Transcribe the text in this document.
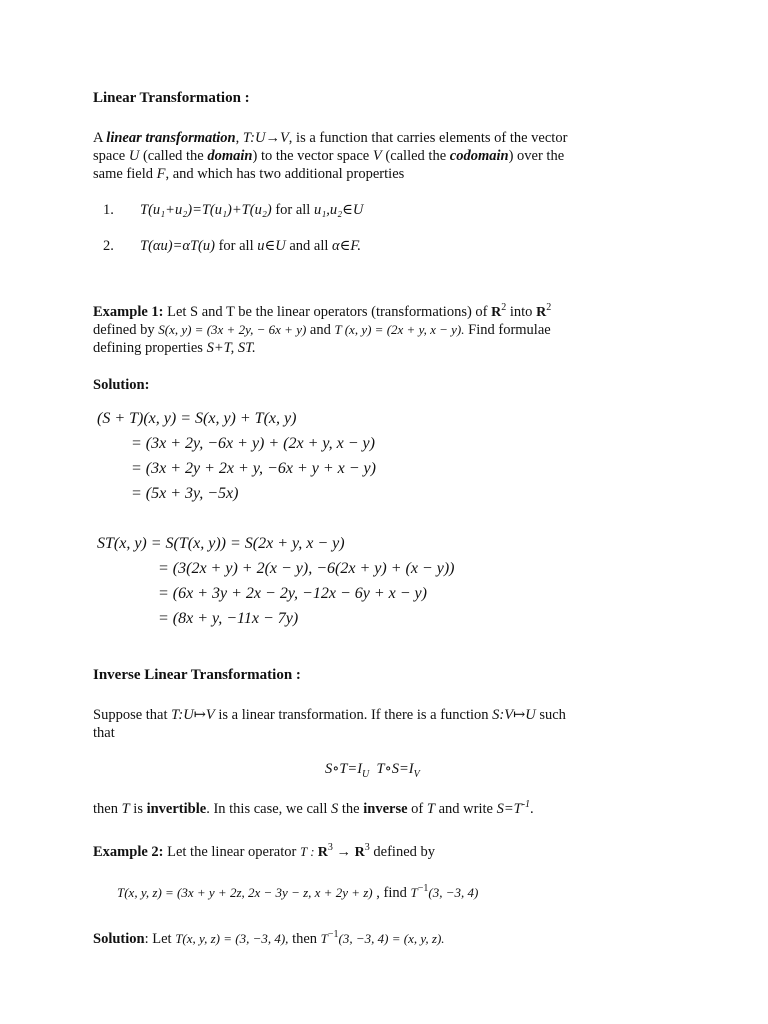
Linear Transformation :
A linear transformation, T:U→V, is a function that carries elements of the vector
space U (called the domain) to the vector space V (called the codomain) over the
same field F, and which has two additional properties
1. T(u₁+u₂)=T(u₁)+T(u₂) for all u₁,u₂∈U
2. T(αu)=αT(u) for all u∈U and all α∈F.
Example 1: Let S and T be the linear operators (transformations) of $R^2$ into $R^2$
defined by S(x, y) = (3x + 2y, − 6x + y) and T (x, y) = (2x + y, x − y). Find formulae
defining properties S+T, ST.
Solution:
(S + T)(x, y) = S(x, y) + T(x, y)
= (3x + 2y, −6x + y) + (2x + y, x − y)
= (3x + 2y + 2x + y, −6x + y + x − y)
= (5x + 3y, −5x)
ST(x, y) = S(T(x, y)) = S(2x + y, x − y)
= (3(2x + y) + 2(x − y), −6(2x + y) + (x − y))
= (6x + 3y + 2x − 2y, −12x − 6y + x − y)
= (8x + y, −11x − 7y)
Inverse Linear Transformation :
Suppose that T:U↦V is a linear transformation. If there is a function S:V↦U such
that
$S\circ T=I_U$ $T\circ S=I_V$
then T is invertible. In this case, we call S the inverse of T and write $S=T^{-1}$.
Example 2: Let the linear operator T : $R^3 \to R^3$ defined by
T(x, y, z) = (3x + y + 2z, 2x − 3y − z, x + 2y + z) , find $T^{-1}(3$, −3, 4)
Solution: Let T(x, y, z) = (3, −3, 4), then $T^{-1}(3$, −3, 4) = (x, y, z).
